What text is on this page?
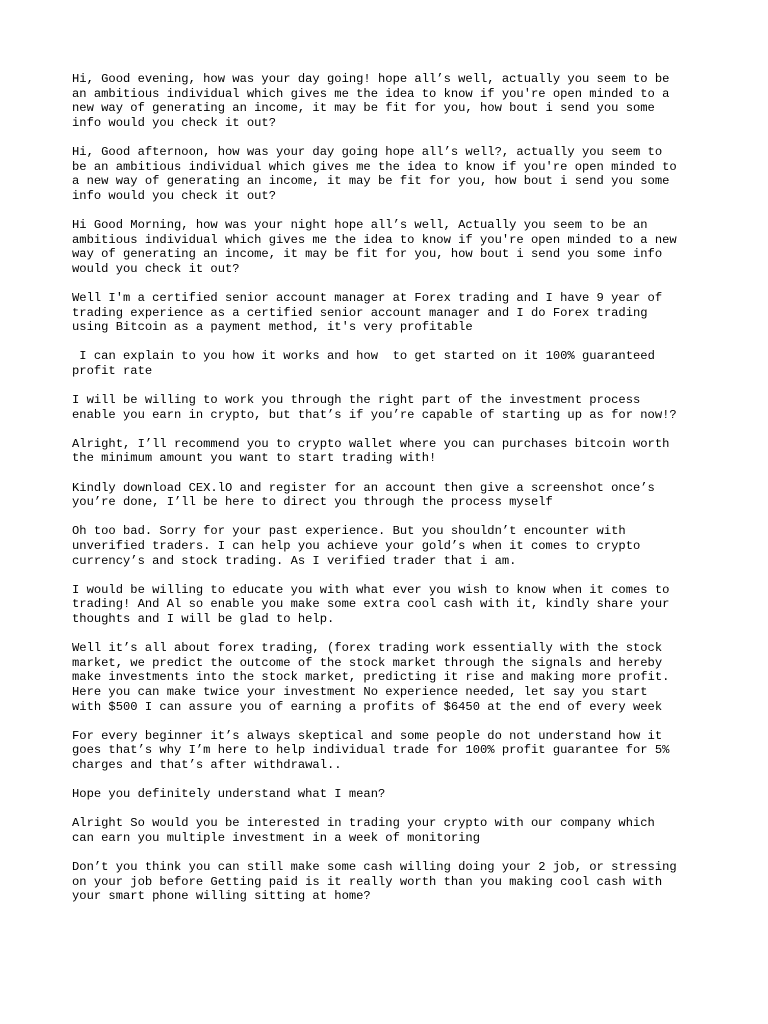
Hi, Good evening, how was your day going! hope all’s well, actually you seem to be
an ambitious individual which gives me the idea to know if you're open minded to a
new way of generating an income, it may be fit for you, how bout i send you some
info would you check it out?

Hi, Good afternoon, how was your day going hope all’s well?, actually you seem to
be an ambitious individual which gives me the idea to know if you're open minded to
a new way of generating an income, it may be fit for you, how bout i send you some
info would you check it out?

Hi Good Morning, how was your night hope all’s well, Actually you seem to be an
ambitious individual which gives me the idea to know if you're open minded to a new
way of generating an income, it may be fit for you, how bout i send you some info
would you check it out?

Well I'm a certified senior account manager at Forex trading and I have 9 year of
trading experience as a certified senior account manager and I do Forex trading
using Bitcoin as a payment method, it's very profitable

I can explain to you how it works and how  to get started on it 100% guaranteed
profit rate

I will be willing to work you through the right part of the investment process
enable you earn in crypto, but that’s if you’re capable of starting up as for now!?

Alright, I’ll recommend you to crypto wallet where you can purchases bitcoin worth
the minimum amount you want to start trading with!

Kindly download CEX.lO and register for an account then give a screenshot once’s
you’re done, I’ll be here to direct you through the process myself

Oh too bad. Sorry for your past experience. But you shouldn’t encounter with
unverified traders. I can help you achieve your gold’s when it comes to crypto
currency’s and stock trading. As I verified trader that i am.

I would be willing to educate you with what ever you wish to know when it comes to
trading! And Al so enable you make some extra cool cash with it, kindly share your
thoughts and I will be glad to help.

Well it’s all about forex trading, (forex trading work essentially with the stock
market, we predict the outcome of the stock market through the signals and hereby
make investments into the stock market, predicting it rise and making more profit.
Here you can make twice your investment No experience needed, let say you start
with $500 I can assure you of earning a profits of $6450 at the end of every week

For every beginner it’s always skeptical and some people do not understand how it
goes that’s why I’m here to help individual trade for 100% profit guarantee for 5%
charges and that’s after withdrawal..

Hope you definitely understand what I mean?

Alright So would you be interested in trading your crypto with our company which
can earn you multiple investment in a week of monitoring

Don’t you think you can still make some cash willing doing your 2 job, or stressing
on your job before Getting paid is it really worth than you making cool cash with
your smart phone willing sitting at home?
